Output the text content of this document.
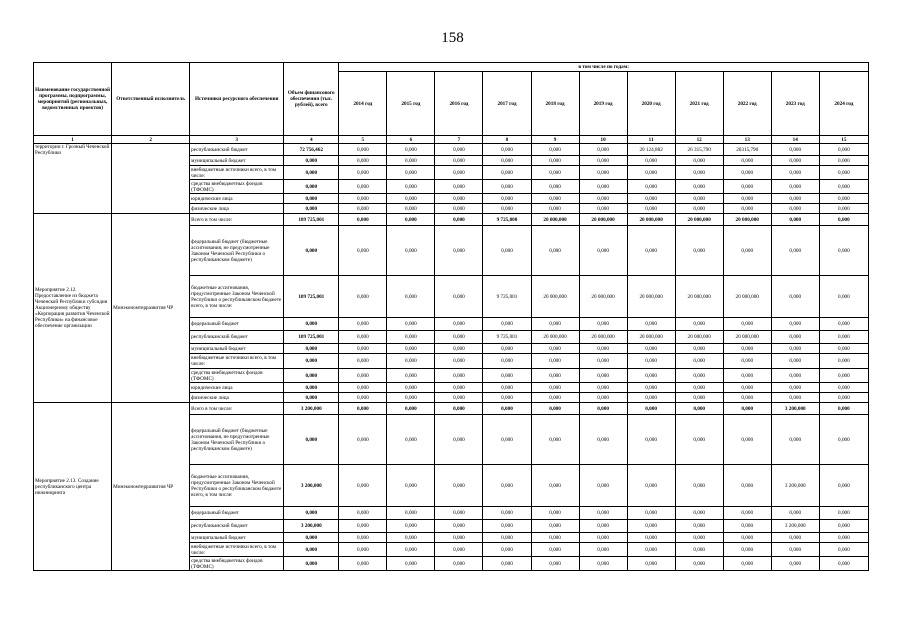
158
Наименование государственной программы, подпрограммы, мероприятий (региональных, ведомственных проектов)	Ответственный исполнитель	Источники ресурсного обеспечения	Объем финансового обеспечения (тыс. рублей), всего	в том числе по годам:										
				2014 год	2015 год	2016 год	2017 год	2018 год	2019 год	2020 год	2021 год	2022 год	2023 год	2024 год
1	2	3	4	5	6	7	8	9	10	11	12	13	14	15
территории г. Грозный Чеченской Республики		республиканский бюджет	72 756,462	0,000	0,000	0,000	0,000	0,000	0,000	20 124,882	26 315,790	26315,790	0,000	0,000
		муниципальный бюджет	0,000	0,000	0,000	0,000	0,000	0,000	0,000	0,000	0,000	0,000	0,000	0,000
		внебюджетные источники всего, в том числе:	0,000	0,000	0,000	0,000	0,000	0,000	0,000	0,000	0,000	0,000	0,000	0,000
		средства внебюджетных фондов (ТФОМС)	0,000	0,000	0,000	0,000	0,000	0,000	0,000	0,000	0,000	0,000	0,000	0,000
		юридические лица	0,000	0,000	0,000	0,000	0,000	0,000	0,000	0,000	0,000	0,000	0,000	0,000
		физические лица	0,000	0,000	0,000	0,000	0,000	0,000	0,000	0,000	0,000	0,000	0,000	0,000
Мероприятие 2.12. Предоставление из бюджета Чеченской Республики субсидии Акционерному обществу «Корпорация развития Чеченской Республики» на финансовое обеспечение организации	Минэкономтерразвития ЧР	Всего в том числе:	109 725,001	0,000	0,000	0,000	9 725,000	20 000,000	20 000,000	20 000,000	20 000,000	20 000,000	0,000	0,000
		федеральный бюджет (бюджетные ассигнования, не предусмотренные Законом Чеченской Республики о республиканском бюджете)	0,000	0,000	0,000	0,000	0,000	0,000	0,000	0,000	0,000	0,000	0,000	0,000
		бюджетные ассигнования, предусмотренные Законом Чеченской Республики о республиканском бюджете всего, в том числе:	109 725,001	0,000	0,000	0,000	9 725,001	20 000,000	20 000,000	20 000,000	20 000,000	20 000,000	0,000	0,000
		федеральный бюджет	0,000	0,000	0,000	0,000	0,000	0,000	0,000	0,000	0,000	0,000	0,000	0,000
		республиканский бюджет	109 725,001	0,000	0,000	0,000	9 725,001	20 000,000	20 000,000	20 000,000	20 000,000	20 000,000	0,000	0,000
		муниципальный бюджет	0,000	0,000	0,000	0,000	0,000	0,000	0,000	0,000	0,000	0,000	0,000	0,000
		внебюджетные источники всего, в том числе:	0,000	0,000	0,000	0,000	0,000	0,000	0,000	0,000	0,000	0,000	0,000	0,000
		средства внебюджетных фондов (ТФОМС)	0,000	0,000	0,000	0,000	0,000	0,000	0,000	0,000	0,000	0,000	0,000	0,000
		юридические лица	0,000	0,000	0,000	0,000	0,000	0,000	0,000	0,000	0,000	0,000	0,000	0,000
		физические лица	0,000	0,000	0,000	0,000	0,000	0,000	0,000	0,000	0,000	0,000	0,000	0,000
Мероприятие 2.13. Создание республиканского центра инжиниринга	Минэкономтерразвития ЧР	Всего в том числе:	3 200,000	0,000	0,000	0,000	0,000	0,000	0,000	0,000	0,000	0,000	3 200,000	0,000
		федеральный бюджет (бюджетные ассигнования, не предусмотренные Законом Чеченской Республики о республиканском бюджете)	0,000	0,000	0,000	0,000	0,000	0,000	0,000	0,000	0,000	0,000	0,000	0,000
		бюджетные ассигнования, предусмотренные Законом Чеченской Республики о республиканском бюджете всего, в том числе:	3 200,000	0,000	0,000	0,000	0,000	0,000	0,000	0,000	0,000	0,000	3 200,000	0,000
		федеральный бюджет	0,000	0,000	0,000	0,000	0,000	0,000	0,000	0,000	0,000	0,000	0,000	0,000
		республиканский бюджет	3 200,000	0,000	0,000	0,000	0,000	0,000	0,000	0,000	0,000	0,000	3 200,000	0,000
		муниципальный бюджет	0,000	0,000	0,000	0,000	0,000	0,000	0,000	0,000	0,000	0,000	0,000	0,000
		внебюджетные источники всего, в том числе:	0,000	0,000	0,000	0,000	0,000	0,000	0,000	0,000	0,000	0,000	0,000	0,000
		средства внебюджетных фондов (ТФОМС)	0,000	0,000	0,000	0,000	0,000	0,000	0,000	0,000	0,000	0,000	0,000	0,000
